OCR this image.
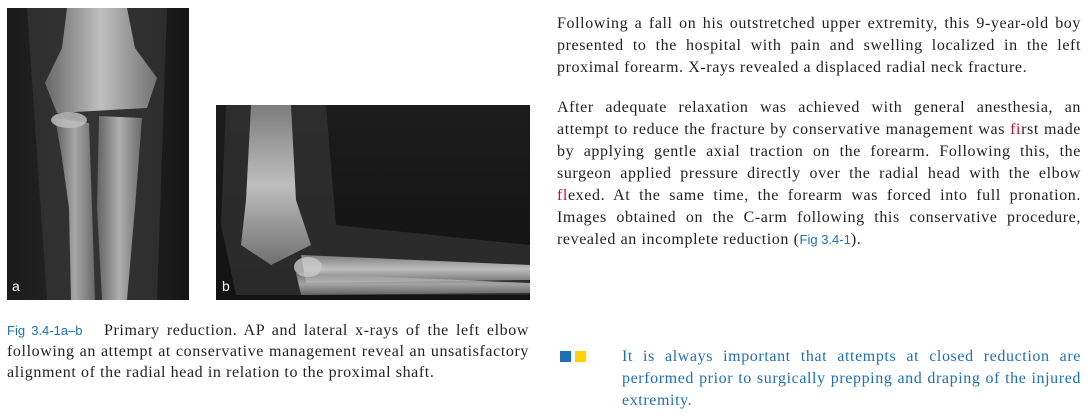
a	b
Fig 3.4-1a–b Primary reduction. AP and lateral x-rays of the left elbow following an attempt at conservative management reveal an unsatisfactory alignment of the radial head in relation to the proximal shaft.

Following a fall on his outstretched upper extremity, this 9-year-old boy presented to the hospital with pain and swelling localized in the left proximal forearm. X-rays revealed a displaced radial neck fracture.

After adequate relaxation was achieved with general anesthesia, an attempt to reduce the fracture by conservative management was first made by applying gentle axial traction on the forearm. Following this, the surgeon applied pressure directly over the radial head with the elbow flexed. At the same time, the forearm was forced into full pronation. Images obtained on the C-arm following this conservative procedure, revealed an incomplete reduction (Fig 3.4-1).

It is always important that attempts at closed reduction are performed prior to surgically prepping and draping of the injured extremity.
